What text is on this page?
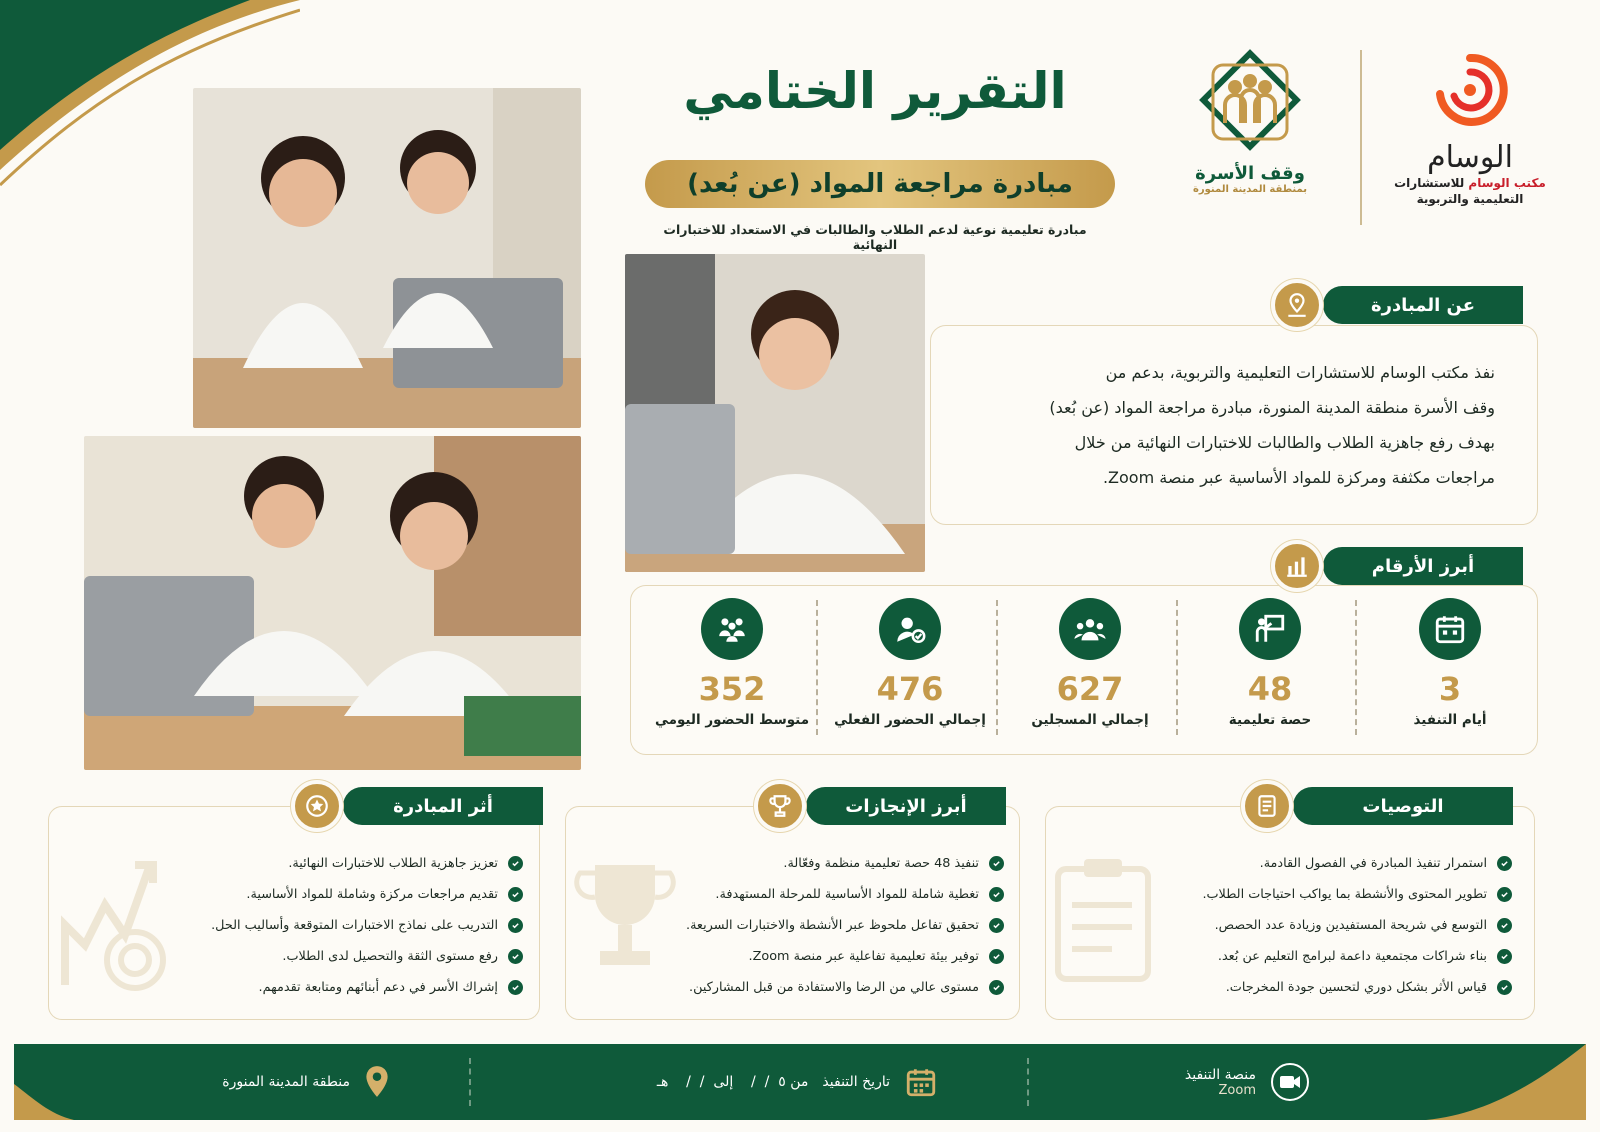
الوسام
مكتب الوسام للاستشارات
التعليمية والتربوية
وقف الأسرة
بمنطقة المدينة المنورة
التقرير الختامي
مبادرة مراجعة المواد (عن بُعد)
مبادرة تعليمية نوعية لدعم الطلاب والطالبات في الاستعداد للاختبارات النهائية
عن المبادرة
نفذ مكتب الوسام للاستشارات التعليمية والتربوية، بدعم من
وقف الأسرة منطقة المدينة المنورة، مبادرة مراجعة المواد (عن بُعد)
بهدف رفع جاهزية الطلاب والطالبات للاختبارات النهائية من خلال
مراجعات مكثفة ومركزة للمواد الأساسية عبر منصة Zoom.
أبرز الأرقام
3
أيام التنفيذ
48
حصة تعليمية
627
إجمالي المسجلين
476
إجمالي الحضور الفعلي
352
متوسط الحضور اليومي
التوصيات
استمرار تنفيذ المبادرة في الفصول القادمة.
تطوير المحتوى والأنشطة بما يواكب احتياجات الطلاب.
التوسع في شريحة المستفيدين وزيادة عدد الحصص.
بناء شراكات مجتمعية داعمة لبرامج التعليم عن بُعد.
قياس الأثر بشكل دوري لتحسين جودة المخرجات.
أبرز الإنجازات
تنفيذ 48 حصة تعليمية منظمة وفعّالة.
تغطية شاملة للمواد الأساسية للمرحلة المستهدفة.
تحقيق تفاعل ملحوظ عبر الأنشطة والاختبارات السريعة.
توفير بيئة تعليمية تفاعلية عبر منصة Zoom.
مستوى عالي من الرضا والاستفادة من قبل المشاركين.
أثر المبادرة
تعزيز جاهزية الطلاب للاختبارات النهائية.
تقديم مراجعات مركزة وشاملة للمواد الأساسية.
التدريب على نماذج الاختبارات المتوقعة وأساليب الحل.
رفع مستوى الثقة والتحصيل لدى الطلاب.
إشراك الأسر في دعم أبنائهم ومتابعة تقدمهم.
منصة التنفيذ
Zoom
تاريخ التنفيذ
من ٥  /  /    إلى  /  /    هـ
منطقة المدينة المنورة
